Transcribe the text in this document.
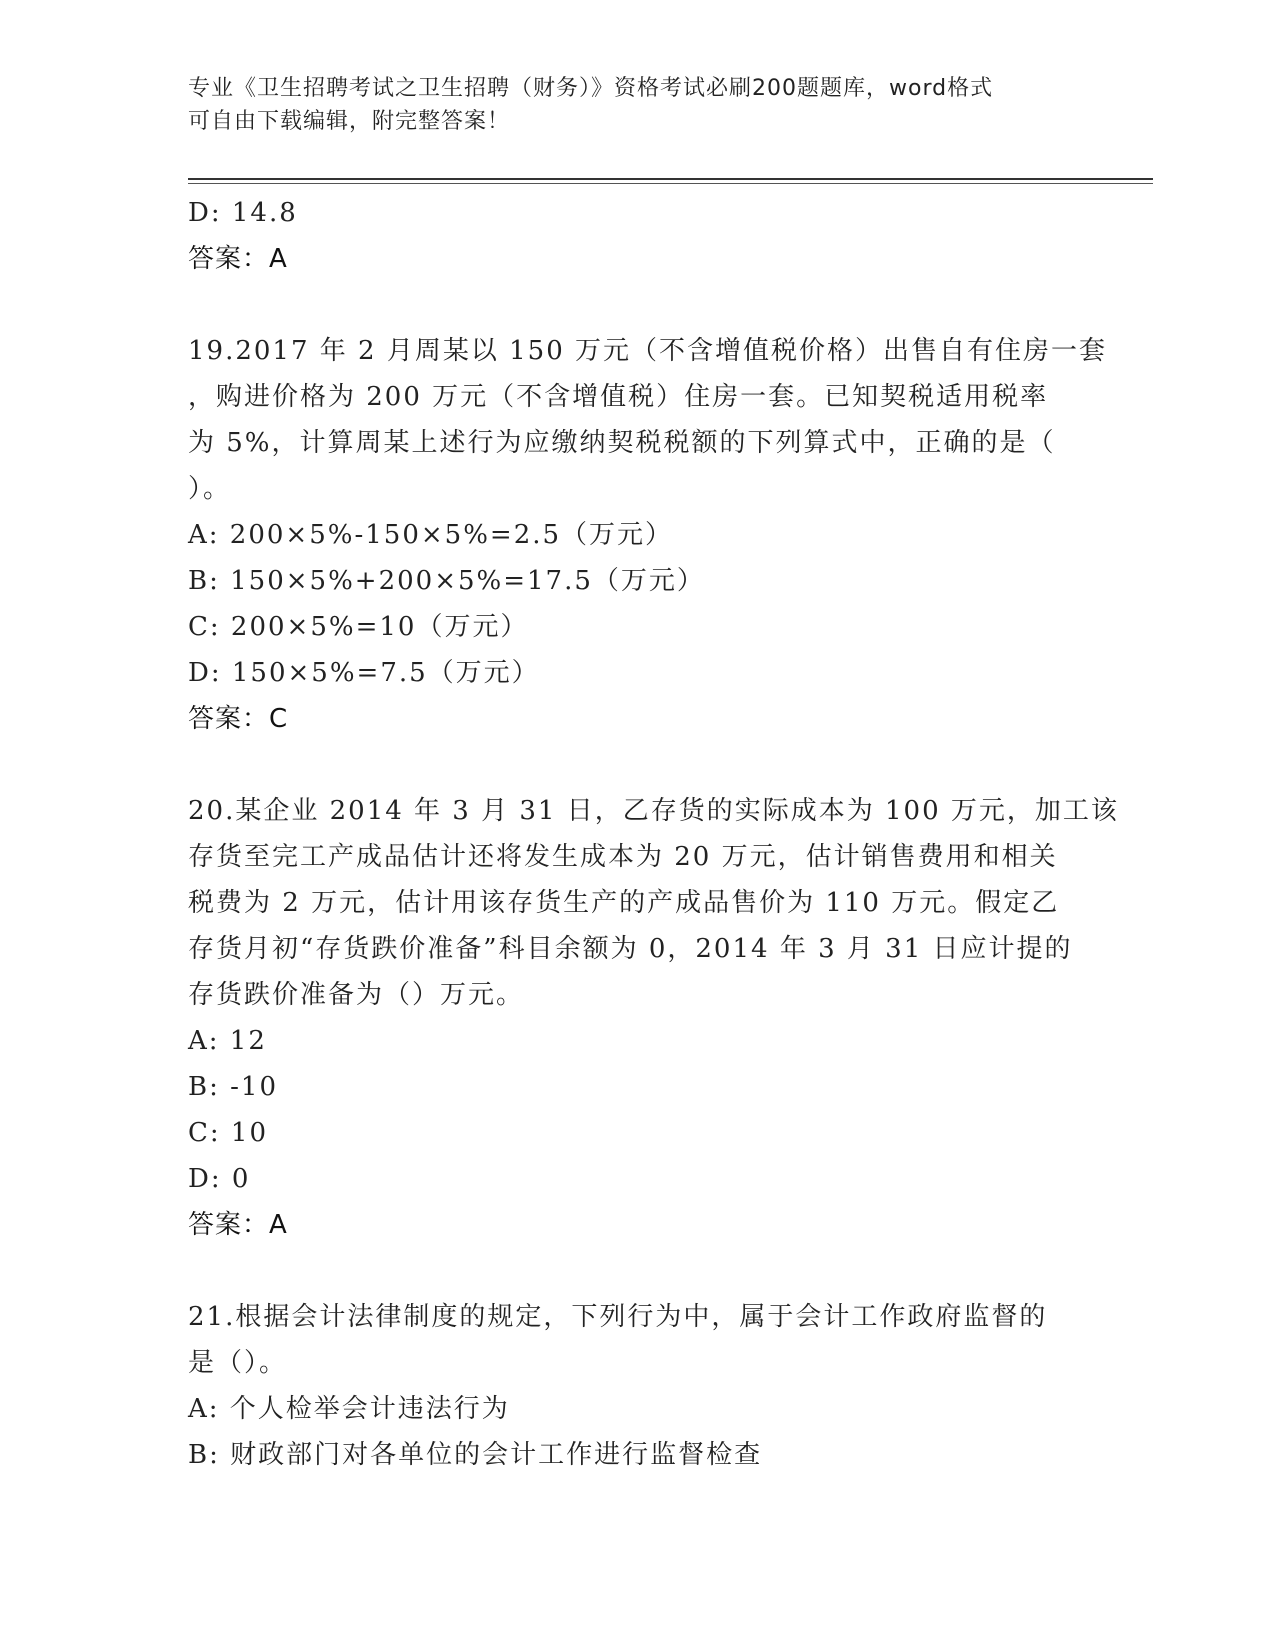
专业《卫生招聘考试之卫生招聘（财务）》资格考试必刷200题题库，word格式
可自由下载编辑，附完整答案！
D: 14.8
答案：A
19.2017 年 2 月周某以 150 万元（不含增值税价格）出售自有住房一套
，购进价格为 200 万元（不含增值税）住房一套。已知契税适用税率
为 5%，计算周某上述行为应缴纳契税税额的下列算式中，正确的是（
）。
A: 200×5%-150×5%=2.5（万元）
B: 150×5%+200×5%=17.5（万元）
C: 200×5%=10（万元）
D: 150×5%=7.5（万元）
答案：C
20.某企业 2014 年 3 月 31 日，乙存货的实际成本为 100 万元，加工该
存货至完工产成品估计还将发生成本为 20 万元，估计销售费用和相关
税费为 2 万元，估计用该存货生产的产成品售价为 110 万元。假定乙
存货月初“存货跌价准备”科目余额为 0，2014 年 3 月 31 日应计提的
存货跌价准备为（）万元。
A: 12
B: -10
C: 10
D: 0
答案：A
21.根据会计法律制度的规定，下列行为中，属于会计工作政府监督的
是（）。
A: 个人检举会计违法行为
B: 财政部门对各单位的会计工作进行监督检查
